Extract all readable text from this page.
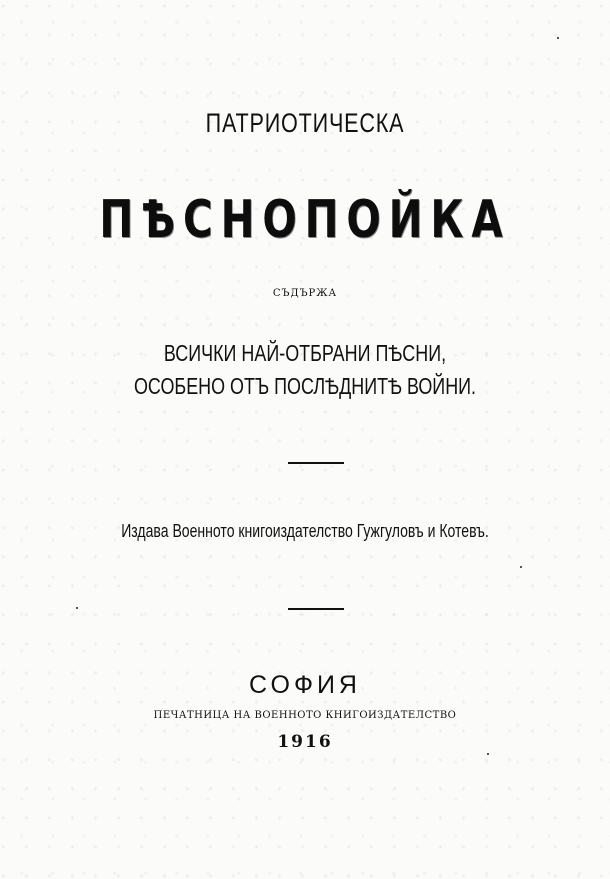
ПАТРИОТИЧЕСКА
ПѢСНОПОЙКА
СЪДЪРЖА
ВСИЧКИ НАЙ-ОТБРАНИ ПѢСНИ,
ОСОБЕНО ОТЪ ПОСЛѢДНИТѢ ВОЙНИ.
Издава Военното книгоиздателство Гужгуловъ и Котевъ.
СОФИЯ
ПЕЧАТНИЦА НА ВОЕННОТО КНИГОИЗДАТЕЛСТВО
1916
